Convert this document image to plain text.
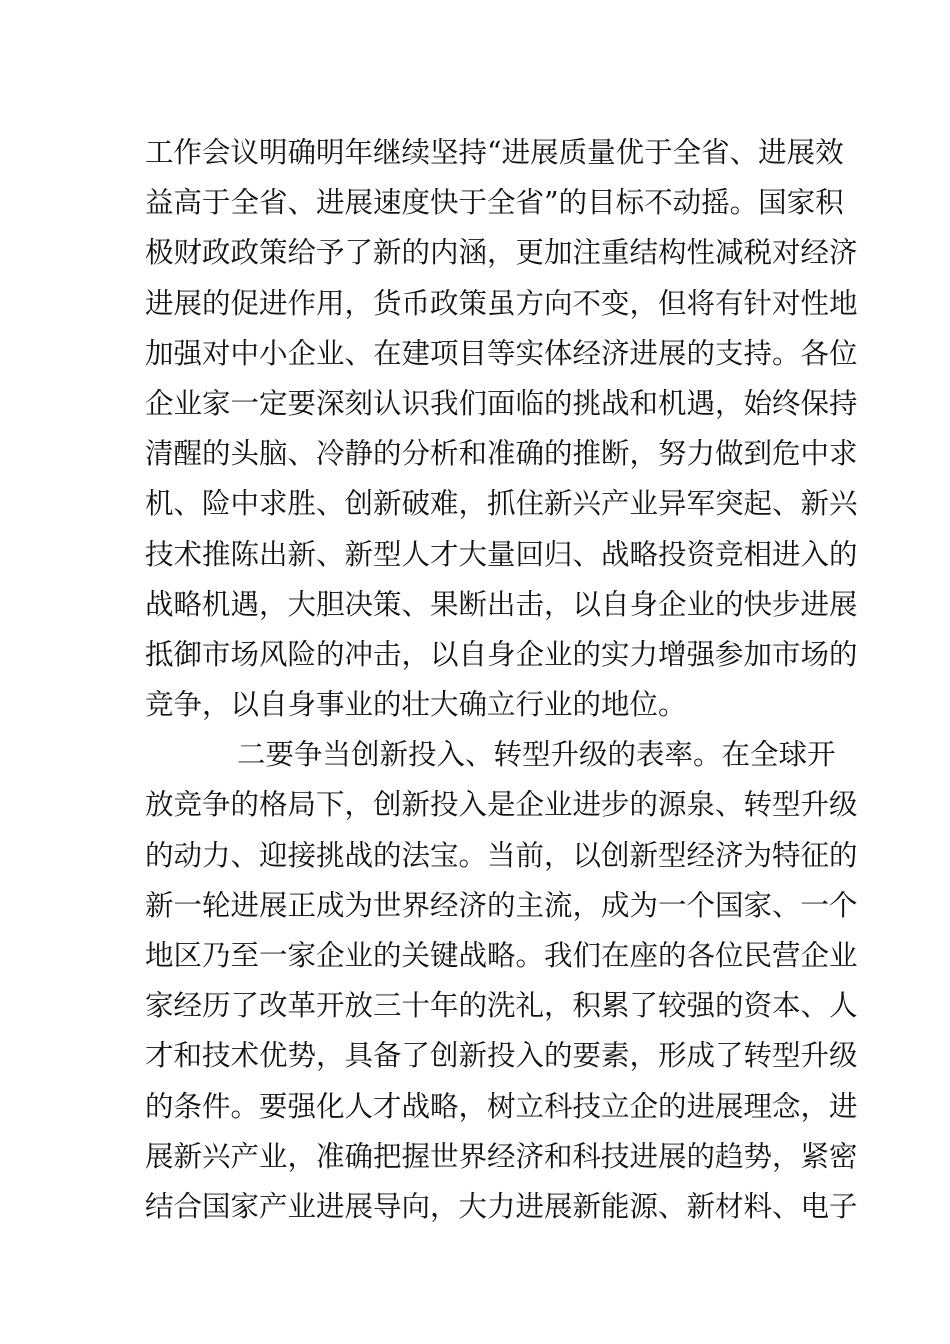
工作会议明确明年继续坚持“进展质量优于全省、进展效
益高于全省、进展速度快于全省”的目标不动摇。国家积
极财政政策给予了新的内涵，更加注重结构性减税对经济
进展的促进作用，货币政策虽方向不变，但将有针对性地
加强对中小企业、在建项目等实体经济进展的支持。各位
企业家一定要深刻认识我们面临的挑战和机遇，始终保持
清醒的头脑、冷静的分析和准确的推断，努力做到危中求
机、险中求胜、创新破难，抓住新兴产业异军突起、新兴
技术推陈出新、新型人才大量回归、战略投资竞相进入的
战略机遇，大胆决策、果断出击，以自身企业的快步进展
抵御市场风险的冲击，以自身企业的实力增强参加市场的
竞争，以自身事业的壮大确立行业的地位。
二要争当创新投入、转型升级的表率。在全球开
放竞争的格局下，创新投入是企业进步的源泉、转型升级
的动力、迎接挑战的法宝。当前，以创新型经济为特征的
新一轮进展正成为世界经济的主流，成为一个国家、一个
地区乃至一家企业的关键战略。我们在座的各位民营企业
家经历了改革开放三十年的洗礼，积累了较强的资本、人
才和技术优势，具备了创新投入的要素，形成了转型升级
的条件。要强化人才战略，树立科技立企的进展理念，进
展新兴产业，准确把握世界经济和科技进展的趋势，紧密
结合国家产业进展导向，大力进展新能源、新材料、电子
